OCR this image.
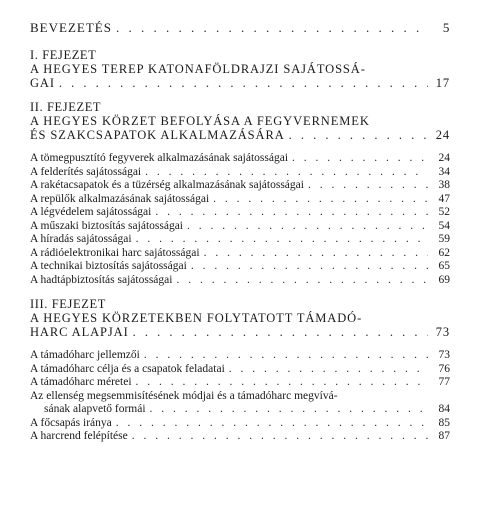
BEVEZETÉS . . .	5
I. FEJEZET
A HEGYES TEREP KATONAFÖLDRAJZI SAJÁTOSSÁ-
GAI . . .	17
II. FEJEZET
A HEGYES KÖRZET BEFOLYÁSA A FEGYVERNEMEK
ÉS SZAKCSAPATOK ALKALMAZÁSÁRA . . .	24
A tömegpusztító fegyverek alkalmazásának sajátosságai . . .	24
A felderítés sajátosságai . . .	34
A rakétacsapatok és a tüzérség alkalmazásának sajátosságai . . .	38
A repülők alkalmazásának sajátosságai . . .	47
A légvédelem sajátosságai . . .	52
A műszaki biztosítás sajátosságai . . .	54
A híradás sajátosságai . . .	59
A rádióelektronikai harc sajátosságai . . .	62
A technikai biztosítás sajátosságai . . .	65
A hadtápbiztosítás sajátosságai . . .	69
III. FEJEZET
A HEGYES KÖRZETEKBEN FOLYTATOTT TÁMADÓ-
HARC ALAPJAI . . .	73
A támadóharc jellemzői . . .	73
A támadóharc célja és a csapatok feladatai . . .	76
A támadóharc méretei . . .	77
Az ellenség megsemmisítésének módjai és a támadóharc megvívá-
sának alapvető formái . . .	84
A főcsapás iránya . . .	85
A harcrend felépítése . . .	87
